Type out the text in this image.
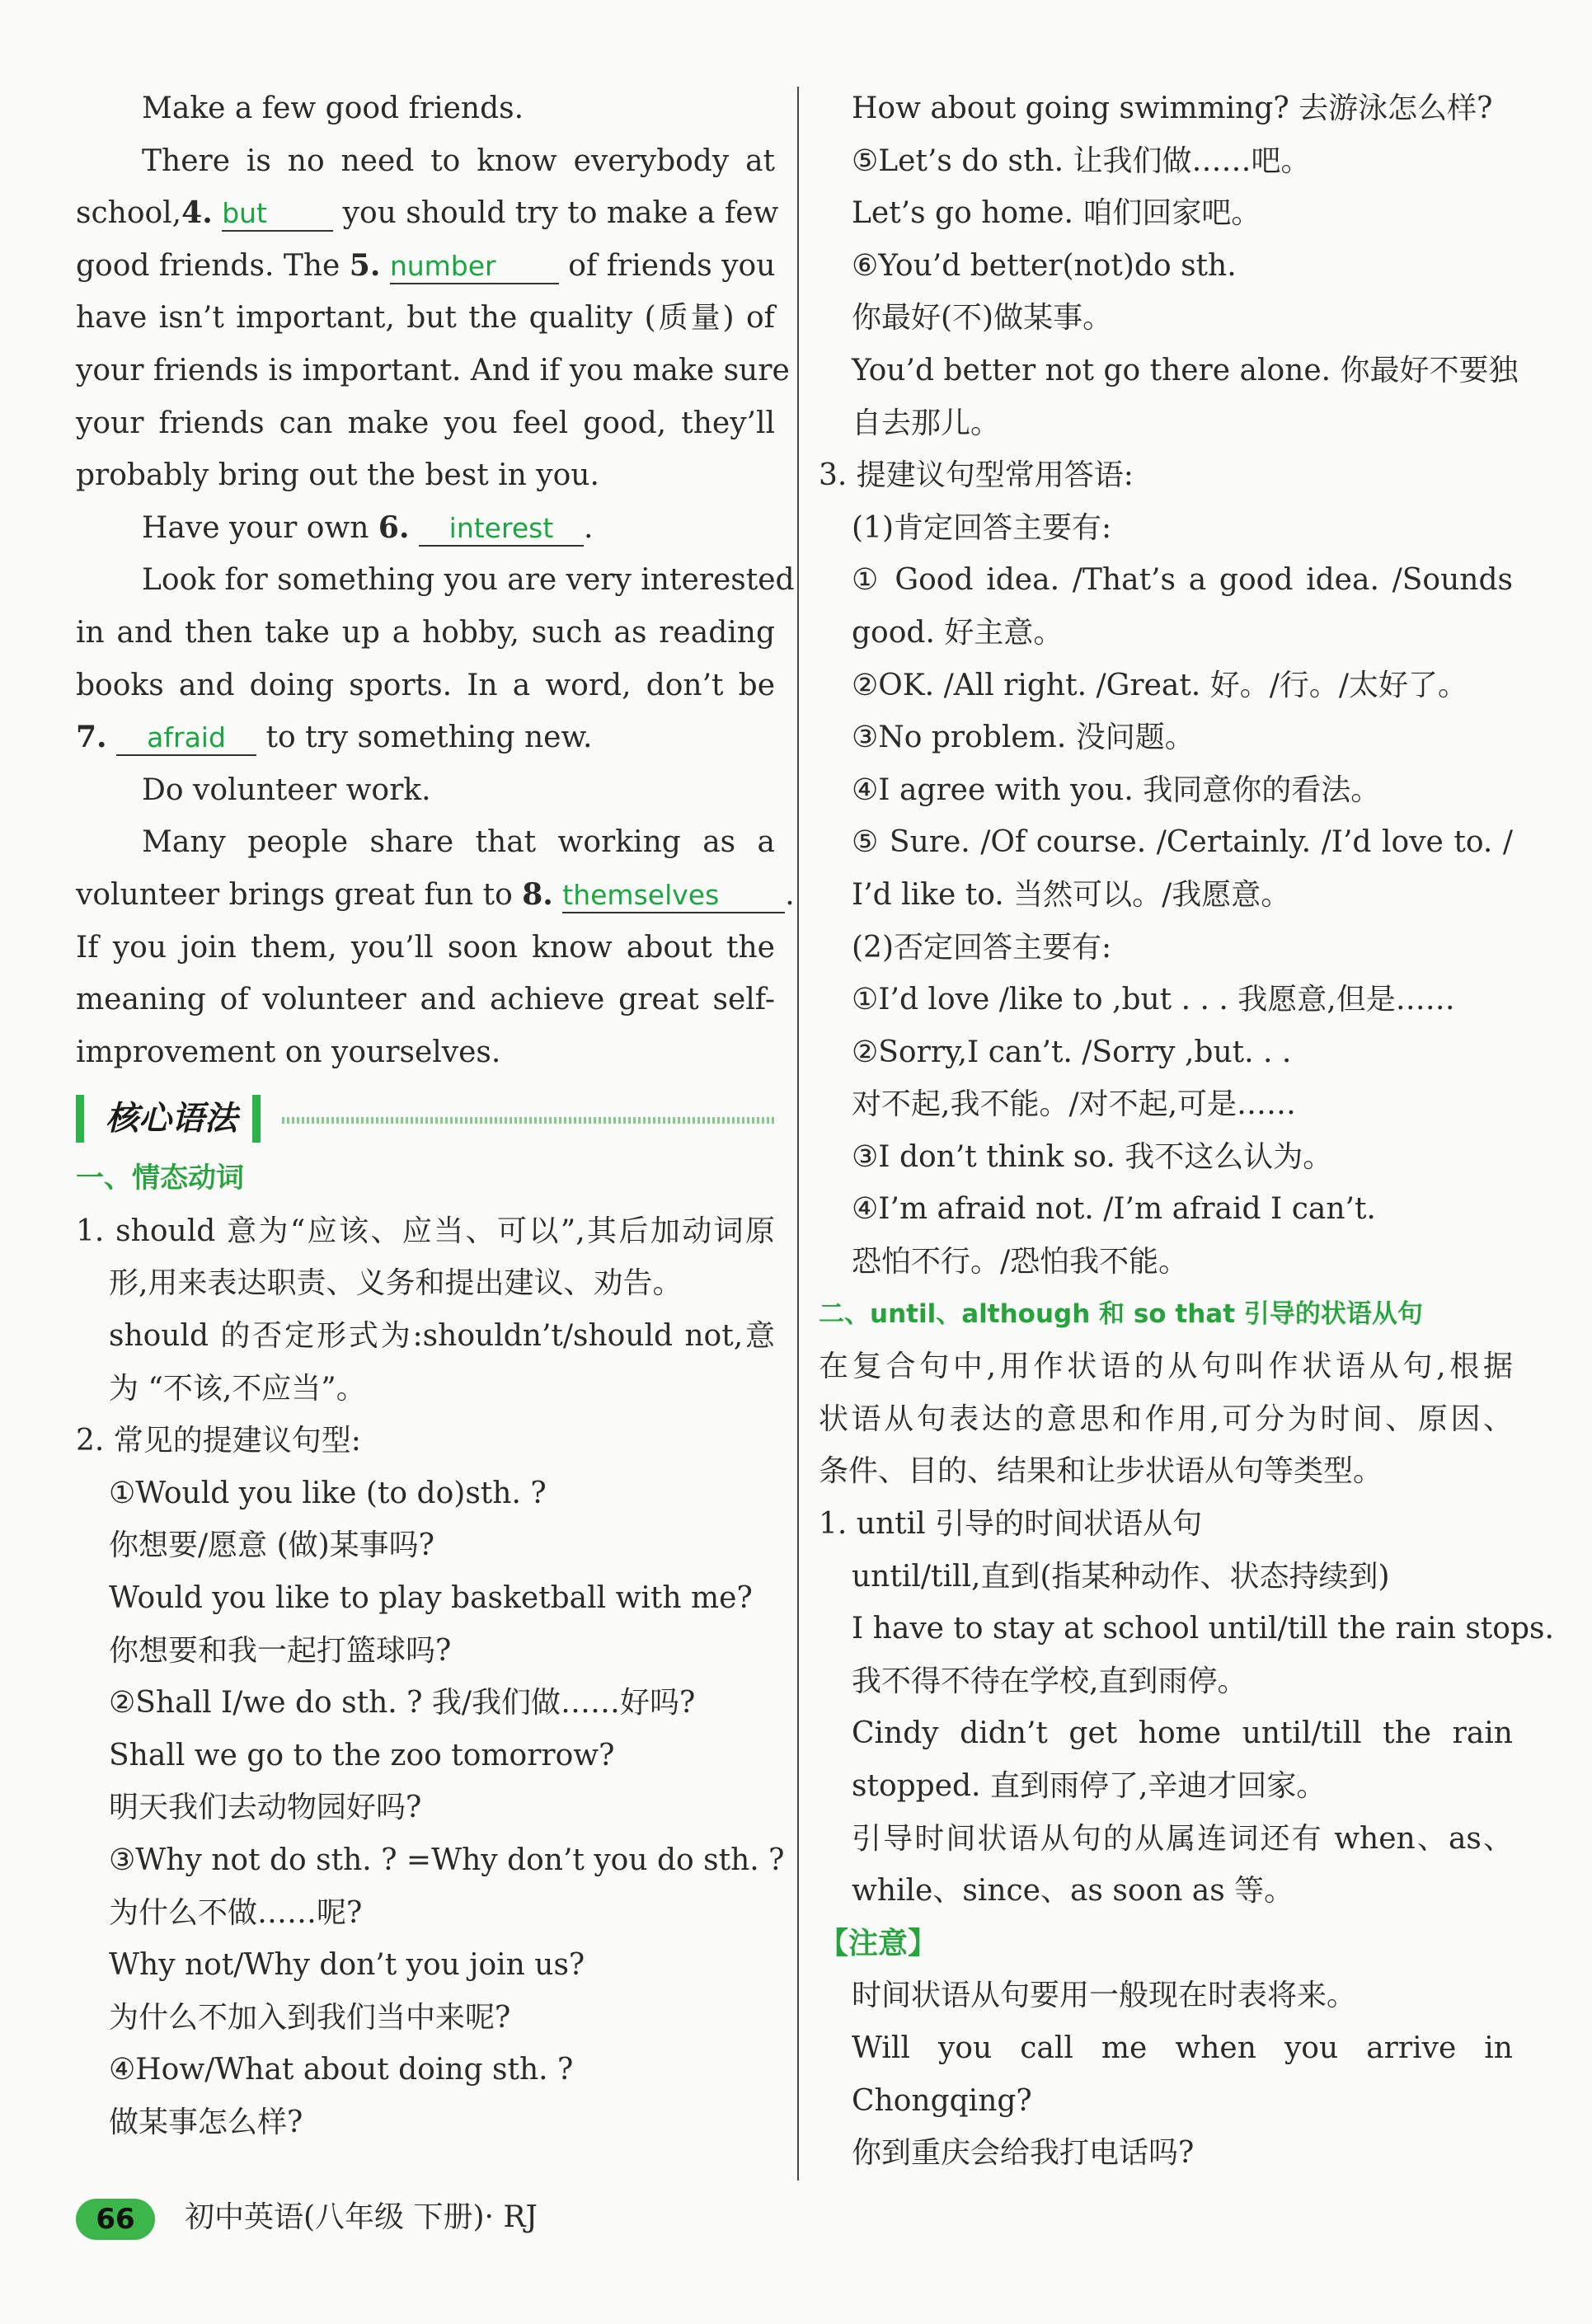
Make a few good friends.
There is no need to know everybody at
school,4. but	you should try to make a few
good friends. The 5. number of friends you
have isn’t important, but the quality (质量) of
your friends is important. And if you make sure
your friends can make you feel good, they’ll
probably bring out the best in you.
Have your own 6. interest .
Look for something you are very interested
in and then take up a hobby, such as reading
books and doing sports. In a word, don’t be
7. afraid to try something new.
Do volunteer work.
Many people share that working as a
volunteer brings great fun to 8. themselves .
If you join them, you’ll soon know about the
meaning of volunteer and achieve great self-
improvement on yourselves.
核心语法
一、情态动词
1. should 意为“应该、应当、可以”,其后加动词原
形,用来表达职责、义务和提出建议、劝告。
should 的否定形式为:shouldn’t/should not,意
为 “不该,不应当”。
2. 常见的提建议句型:
①Would you like (to do)sth. ?
你想要/愿意 (做)某事吗?
Would you like to play basketball with me?
你想要和我一起打篮球吗?
②Shall I/we do sth. ? 我/我们做……好吗?
Shall we go to the zoo tomorrow?
明天我们去动物园好吗?
③Why not do sth. ? =Why don’t you do sth. ?
为什么不做……呢?
Why not/Why don’t you join us?
为什么不加入到我们当中来呢?
④How/What about doing sth. ?
做某事怎么样?
How about going swimming? 去游泳怎么样?
⑤Let’s do sth. 让我们做……吧。
Let’s go home. 咱们回家吧。
⑥You’d better(not)do sth.
你最好(不)做某事。
You’d better not go there alone. 你最好不要独
自去那儿。
3. 提建议句型常用答语:
(1)肯定回答主要有:
① Good idea. /That’s a good idea. /Sounds
good. 好主意。
②OK. /All right. /Great. 好。/行。/太好了。
③No problem. 没问题。
④I agree with you. 我同意你的看法。
⑤ Sure. /Of course. /Certainly. /I’d love to. /
I’d like to. 当然可以。/我愿意。
(2)否定回答主要有:
①I’d love /like to ,but . . . 我愿意,但是……
②Sorry,I can’t. /Sorry ,but. . .
对不起,我不能。/对不起,可是……
③I don’t think so. 我不这么认为。
④I’m afraid not. /I’m afraid I can’t.
恐怕不行。/恐怕我不能。
二、until、although 和 so that 引导的状语从句
在复合句中,用作状语的从句叫作状语从句,根据
状语从句表达的意思和作用,可分为时间、原因、
条件、目的、结果和让步状语从句等类型。
1. until 引导的时间状语从句
until/till,直到(指某种动作、状态持续到)
I have to stay at school until/till the rain stops.
我不得不待在学校,直到雨停。
Cindy didn’t get home until/till the rain
stopped. 直到雨停了,辛迪才回家。
引导时间状语从句的从属连词还有 when、as、
while、since、as soon as 等。
【注意】
时间状语从句要用一般现在时表将来。
Will you call me when you arrive in
Chongqing?
你到重庆会给我打电话吗?
66 初中英语(八年级 下册)· RJ
